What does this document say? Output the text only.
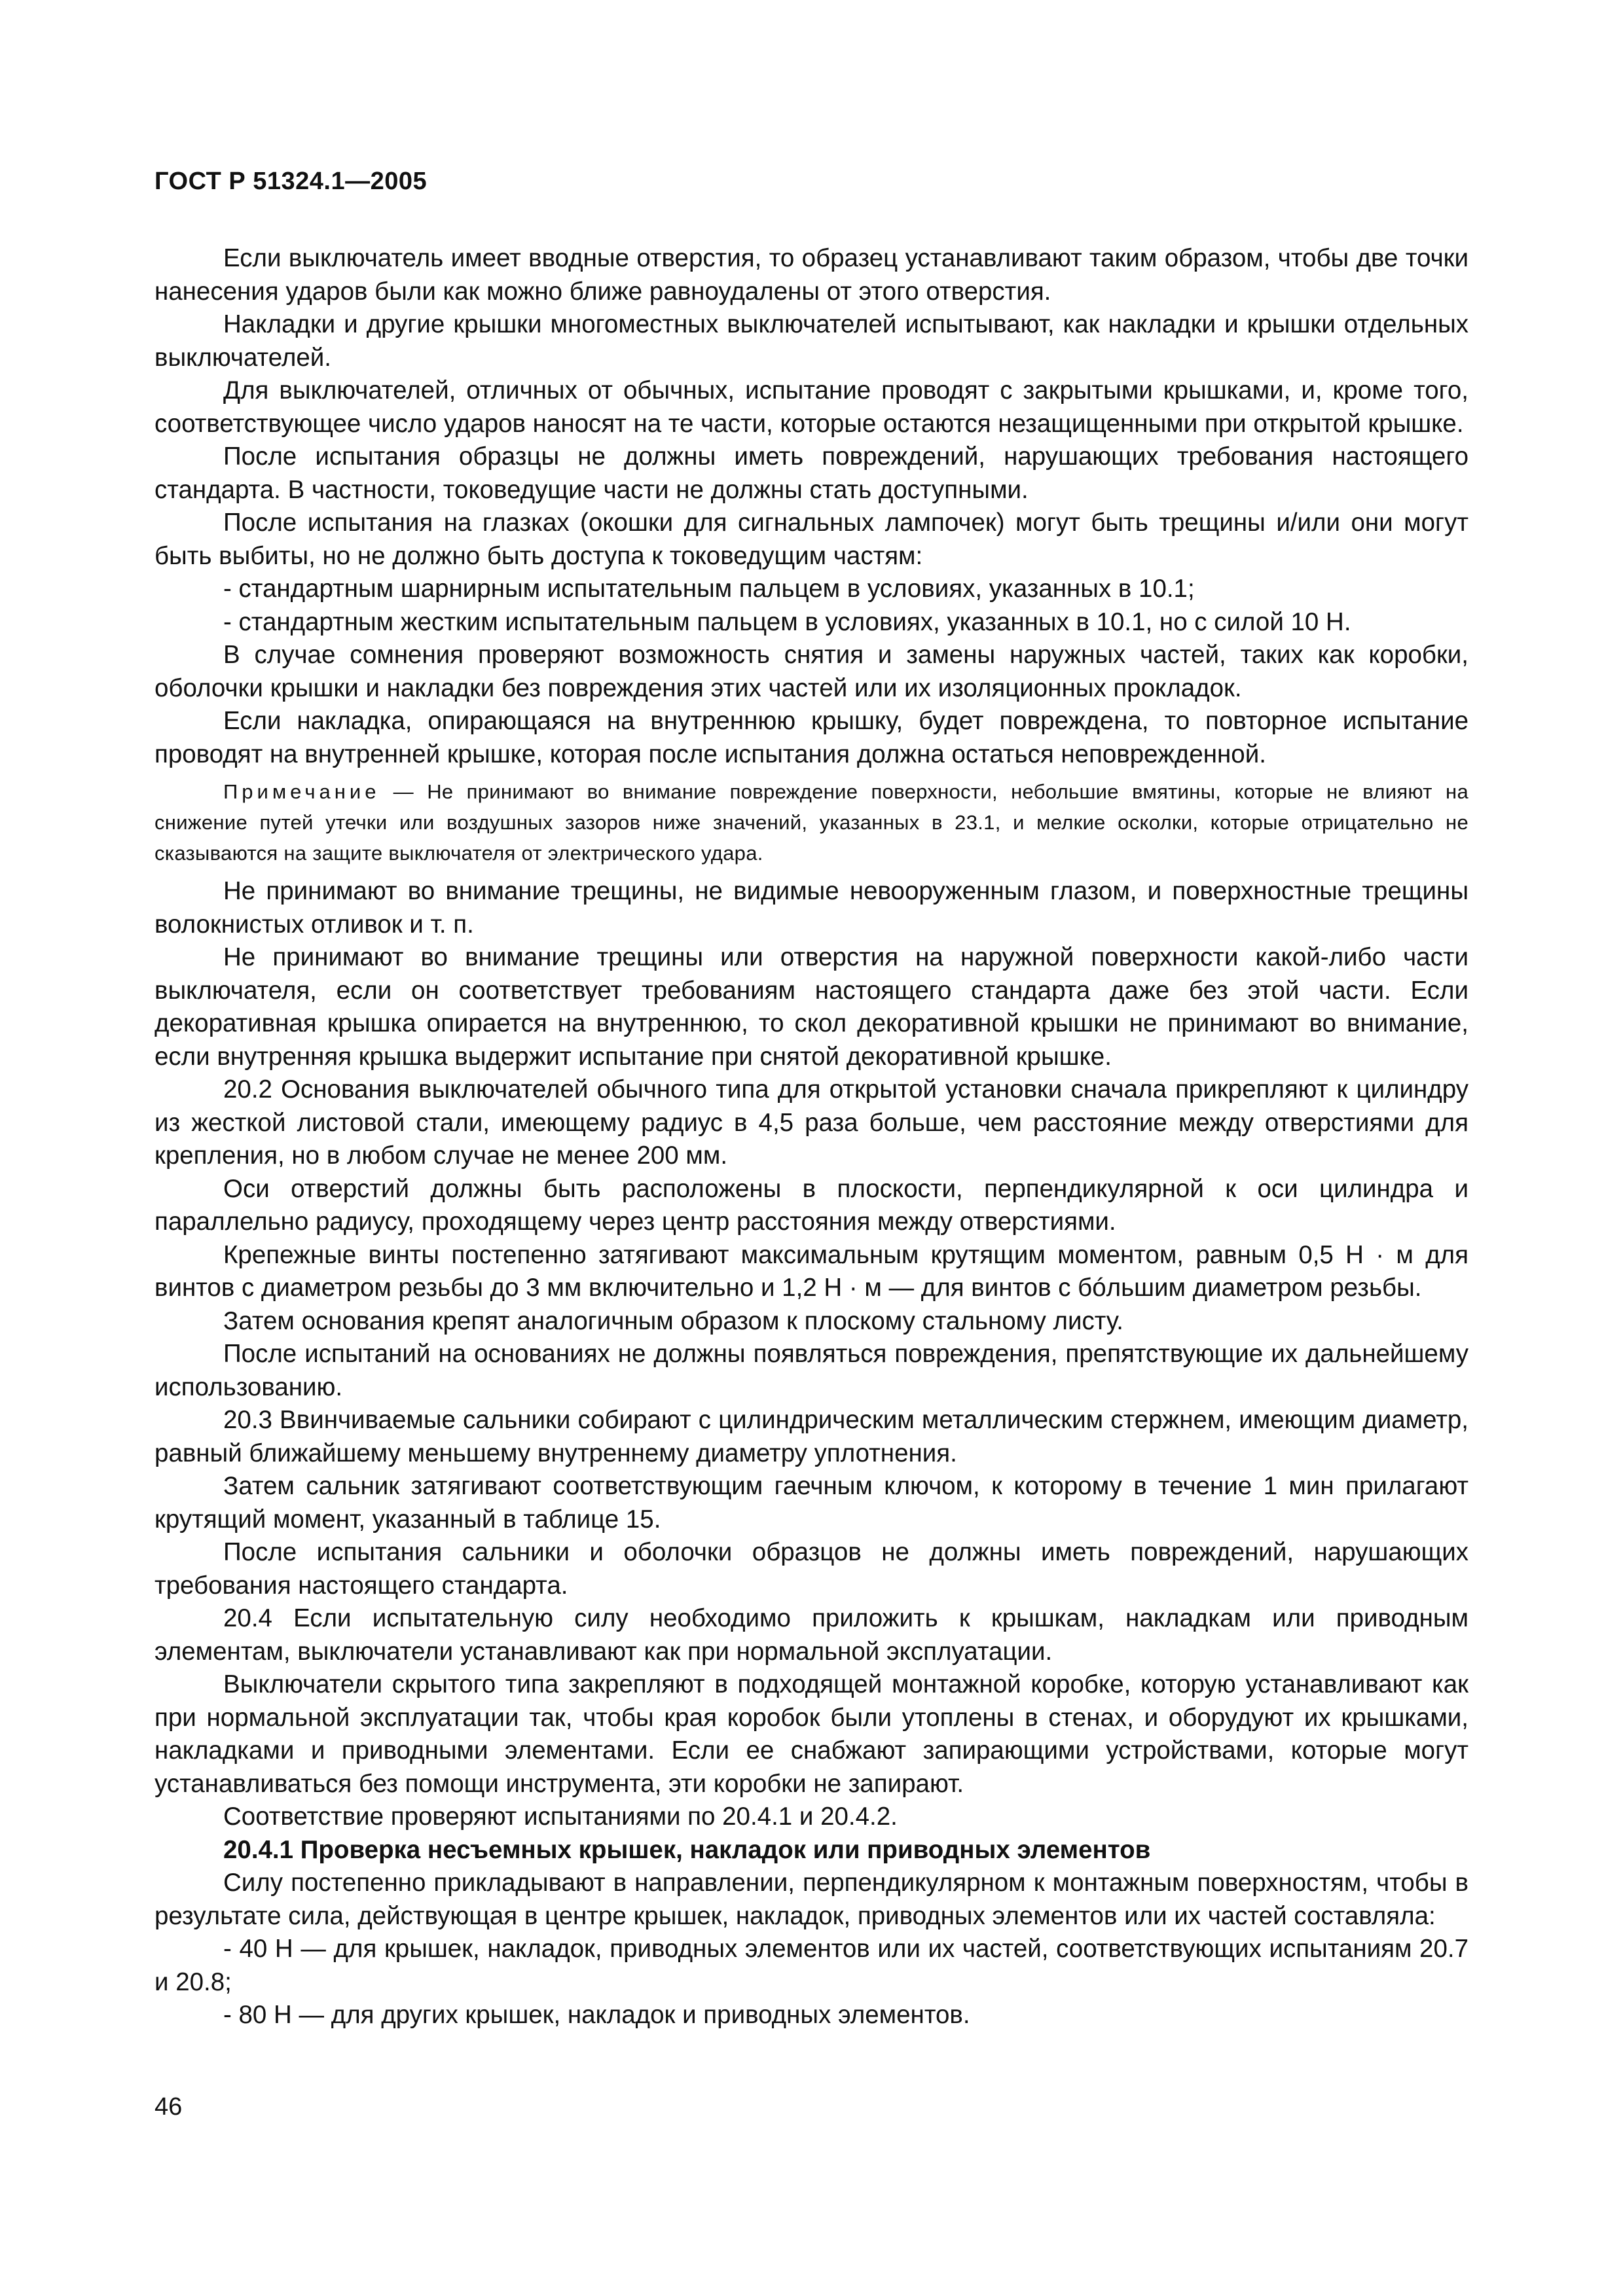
ГОСТ Р 51324.1—2005

Если выключатель имеет вводные отверстия, то образец устанавливают таким образом, чтобы две точки нанесения ударов были как можно ближе равноудалены от этого отверстия.

Накладки и другие крышки многоместных выключателей испытывают, как накладки и крышки отдельных выключателей.

Для выключателей, отличных от обычных, испытание проводят с закрытыми крышками, и, кроме того, соответствующее число ударов наносят на те части, которые остаются незащищенными при открытой крышке.

После испытания образцы не должны иметь повреждений, нарушающих требования настоящего стандарта. В частности, токоведущие части не должны стать доступными.

После испытания на глазках (окошки для сигнальных лампочек) могут быть трещины и/или они могут быть выбиты, но не должно быть доступа к токоведущим частям:

- стандартным шарнирным испытательным пальцем в условиях, указанных в 10.1;

- стандартным жестким испытательным пальцем в условиях, указанных в 10.1, но с силой 10 Н.

В случае сомнения проверяют возможность снятия и замены наружных частей, таких как коробки, оболочки крышки и накладки без повреждения этих частей или их изоляционных прокладок.

Если накладка, опирающаяся на внутреннюю крышку, будет повреждена, то повторное испытание проводят на внутренней крышке, которая после испытания должна остаться неповрежденной.

Примечание — Не принимают во внимание повреждение поверхности, небольшие вмятины, которые не влияют на снижение путей утечки или воздушных зазоров ниже значений, указанных в 23.1, и мелкие осколки, которые отрицательно не сказываются на защите выключателя от электрического удара.

Не принимают во внимание трещины, не видимые невооруженным глазом, и поверхностные трещины волокнистых отливок и т. п.

Не принимают во внимание трещины или отверстия на наружной поверхности какой-либо части выключателя, если он соответствует требованиям настоящего стандарта даже без этой части. Если декоративная крышка опирается на внутреннюю, то скол декоративной крышки не принимают во внимание, если внутренняя крышка выдержит испытание при снятой декоративной крышке.

20.2 Основания выключателей обычного типа для открытой установки сначала прикрепляют к цилиндру из жесткой листовой стали, имеющему радиус в 4,5 раза больше, чем расстояние между отверстиями для крепления, но в любом случае не менее 200 мм.

Оси отверстий должны быть расположены в плоскости, перпендикулярной к оси цилиндра и параллельно радиусу, проходящему через центр расстояния между отверстиями.

Крепежные винты постепенно затягивают максимальным крутящим моментом, равным 0,5 Н · м для винтов с диаметром резьбы до 3 мм включительно и 1,2 Н · м — для винтов с бóльшим диаметром резьбы.

Затем основания крепят аналогичным образом к плоскому стальному листу.

После испытаний на основаниях не должны появляться повреждения, препятствующие их дальнейшему использованию.

20.3 Ввинчиваемые сальники собирают с цилиндрическим металлическим стержнем, имеющим диаметр, равный ближайшему меньшему внутреннему диаметру уплотнения.

Затем сальник затягивают соответствующим гаечным ключом, к которому в течение 1 мин прилагают крутящий момент, указанный в таблице 15.

После испытания сальники и оболочки образцов не должны иметь повреждений, нарушающих требования настоящего стандарта.

20.4 Если испытательную силу необходимо приложить к крышкам, накладкам или приводным элементам, выключатели устанавливают как при нормальной эксплуатации.

Выключатели скрытого типа закрепляют в подходящей монтажной коробке, которую устанавливают как при нормальной эксплуатации так, чтобы края коробок были утоплены в стенах, и оборудуют их крышками, накладками и приводными элементами. Если ее снабжают запирающими устройствами, которые могут устанавливаться без помощи инструмента, эти коробки не запирают.

Соответствие проверяют испытаниями по 20.4.1 и 20.4.2.

20.4.1 Проверка несъемных крышек, накладок или приводных элементов

Силу постепенно прикладывают в направлении, перпендикулярном к монтажным поверхностям, чтобы в результате сила, действующая в центре крышек, накладок, приводных элементов или их частей составляла:

- 40 Н — для крышек, накладок, приводных элементов или их частей, соответствующих испытаниям 20.7 и 20.8;

- 80 Н — для других крышек, накладок и приводных элементов.

46
